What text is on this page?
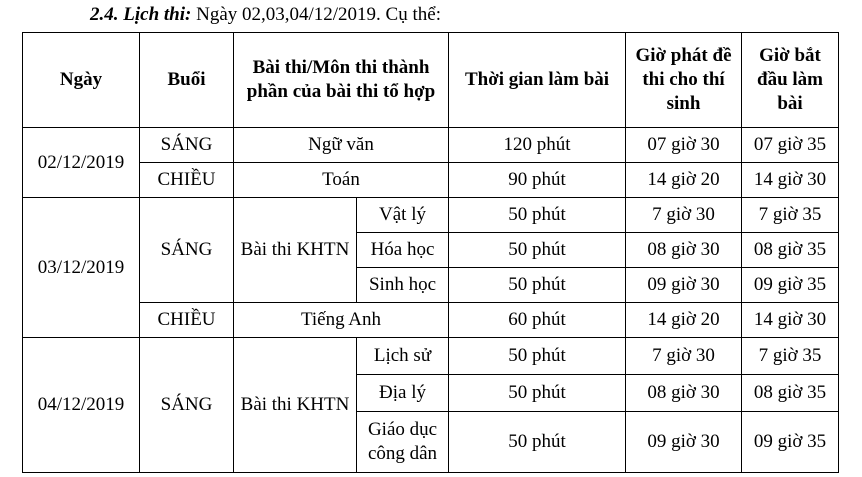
2.4. Lịch thi: Ngày 02,03,04/12/2019. Cụ thể:
Ngày	Buổi	Bài thi/Môn thi thành phần của bài thi tổ hợp		Thời gian làm bài	Giờ phát đề thi cho thí sinh	Giờ bắt đầu làm bài
02/12/2019	SÁNG	Ngữ văn		120 phút	07 giờ 30	07 giờ 35
	CHIỀU	Toán		90 phút	14 giờ 20	14 giờ 30
03/12/2019	SÁNG	Bài thi KHTN	Vật lý	50 phút	7 giờ 30	7 giờ 35
			Hóa học	50 phút	08 giờ 30	08 giờ 35
			Sinh học	50 phút	09 giờ 30	09 giờ 35
	CHIỀU	Tiếng Anh		60 phút	14 giờ 20	14 giờ 30
04/12/2019	SÁNG	Bài thi KHTN	Lịch sử	50 phút	7 giờ 30	7 giờ 35
			Địa lý	50 phút	08 giờ 30	08 giờ 35
			Giáo dục công dân	50 phút	09 giờ 30	09 giờ 35
